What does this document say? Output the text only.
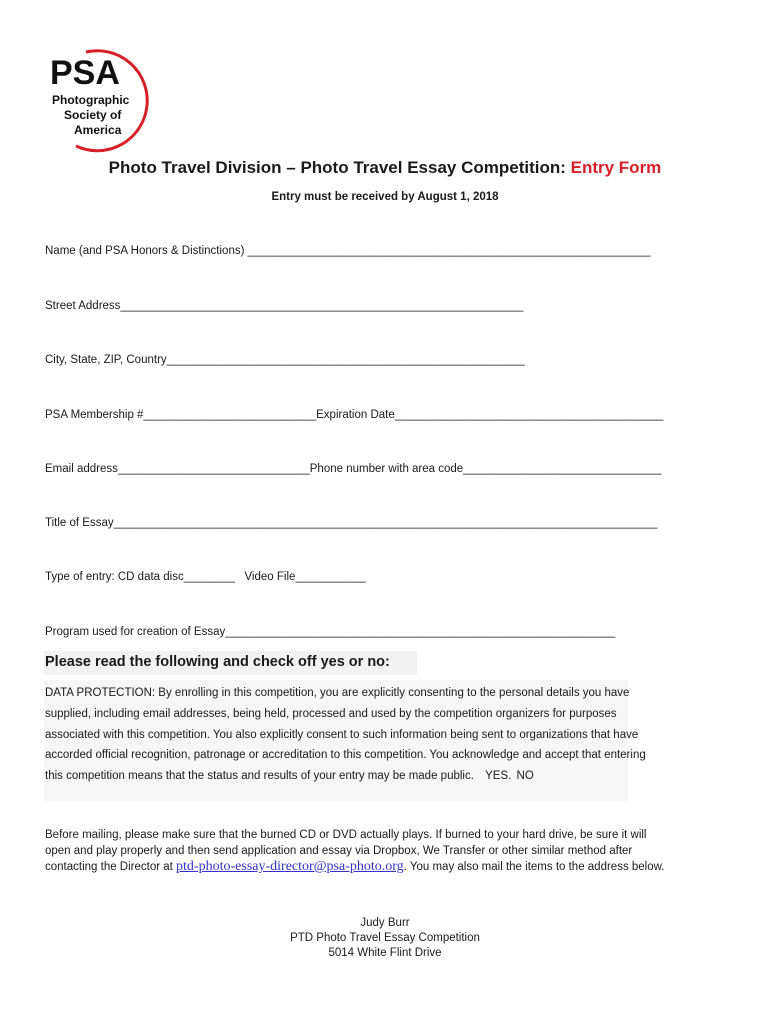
PSA
Photographic
Society of
America
Photo Travel Division – Photo Travel Essay Competition: Entry Form
Entry must be received by August 1, 2018
Name (and PSA Honors & Distinctions) _______________________________________________________________
Street Address_______________________________________________________________
City, State, ZIP, Country________________________________________________________
PSA Membership #___________________________Expiration Date__________________________________________
Email address______________________________Phone number with area code_______________________________
Title of Essay_____________________________________________________________________________________
Type of entry: CD data disc________ Video File___________
Program used for creation of Essay_____________________________________________________________
Please read the following and check off yes or no:
DATA PROTECTION: By enrolling in this competition, you are explicitly consenting to the personal details you have
supplied, including email addresses, being held, processed and used by the competition organizers for purposes
associated with this competition. You also explicitly consent to such information being sent to organizations that have
accorded official recognition, patronage or accreditation to this competition. You acknowledge and accept that entering
this competition means that the status and results of your entry may be made public. YES. NO
Before mailing, please make sure that the burned CD or DVD actually plays. If burned to your hard drive, be sure it will
open and play properly and then send application and essay via Dropbox, We Transfer or other similar method after
contacting the Director at ptd-photo-essay-director@psa-photo.org. You may also mail the items to the address below.
Judy Burr
PTD Photo Travel Essay Competition
5014 White Flint Drive
